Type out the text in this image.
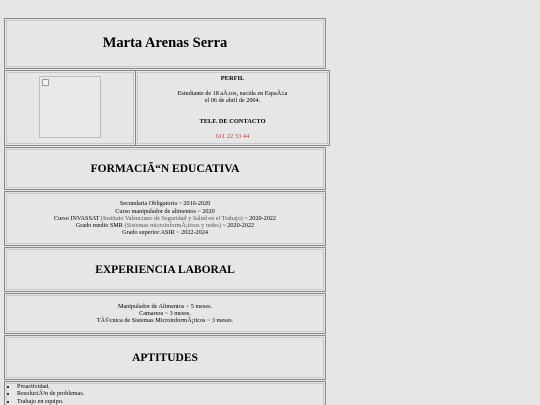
Marta Arenas Serra
PERFIL
Estudiante de 18 aÃ±os, nacida en EspaÃ±a el 06 de abril de 2004.
TELF. DE CONTACTO
611 22 33 44
FORMACIÃ“N EDUCATIVA
Secundaria Obligatoria ~ 2016-2020
Curso manipulador de alimentos ~ 2020
Curso INVASSAT (Instituto Valenciano de Seguridad y Salud en el Trabajo) ~ 2020-2022
Grado medio SMR (Sistemas microinformÃ¡ticos y redes) ~ 2020-2022
Grado superior ASIR ~ 2022-2024
EXPERIENCIA LABORAL
Manipulador de Alimentos ~ 5 meses.
Camarera ~ 3 meses.
TÃ©cnica de Sistemas MicroinformÃ¡ticos ~ 3 meses.
APTITUDES
• Proactividad.
• ResoluciÃ³n de problemas.
• Trabajo en equipo.
